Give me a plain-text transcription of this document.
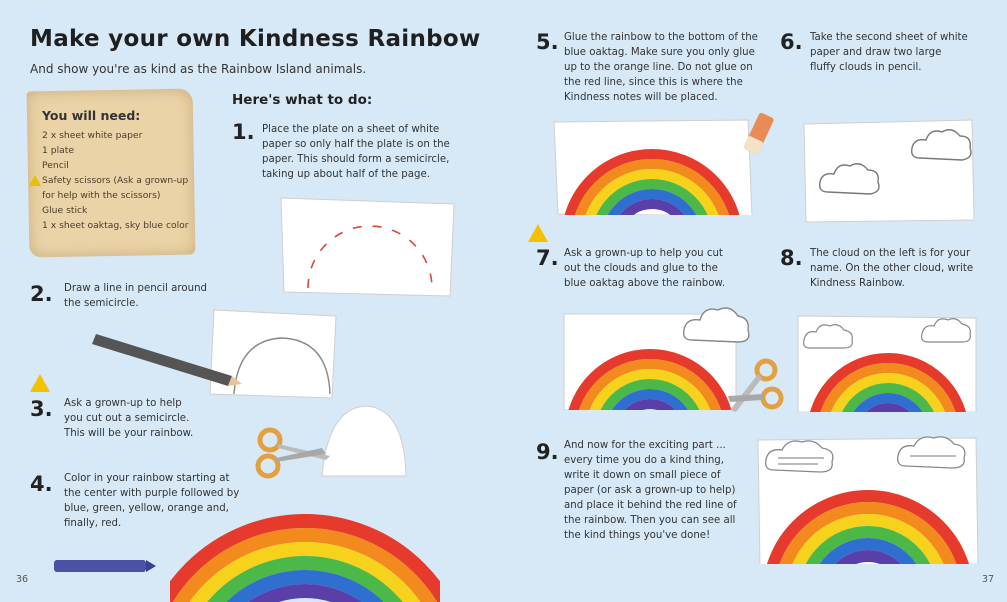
Make your own Kindness Rainbow
And show you're as kind as the Rainbow Island animals.
You will need:
2 x sheet white paper
1 plate
Pencil
Safety scissors (Ask a grown-up
for help with the scissors)
Glue stick
1 x sheet oaktag, sky blue color
Here's what to do:
1. Place the plate on a sheet of white
paper so only half the plate is on the
paper. This should form a semicircle,
taking up about half of the page.
2. Draw a line in pencil around
the semicircle.
3. Ask a grown-up to help
you cut out a semicircle.
This will be your rainbow.
4. Color in your rainbow starting at
the center with purple followed by
blue, green, yellow, orange and,
finally, red.
36
5. Glue the rainbow to the bottom of the
blue oaktag. Make sure you only glue
up to the orange line. Do not glue on
the red line, since this is where the
Kindness notes will be placed.
6. Take the second sheet of white
paper and draw two large
fluffy clouds in pencil.
7. Ask a grown-up to help you cut
out the clouds and glue to the
blue oaktag above the rainbow.
8. The cloud on the left is for your
name. On the other cloud, write
Kindness Rainbow.
9. And now for the exciting part ...
every time you do a kind thing,
write it down on small piece of
paper (or ask a grown-up to help)
and place it behind the red line of
the rainbow. Then you can see all
the kind things you've done!
37
